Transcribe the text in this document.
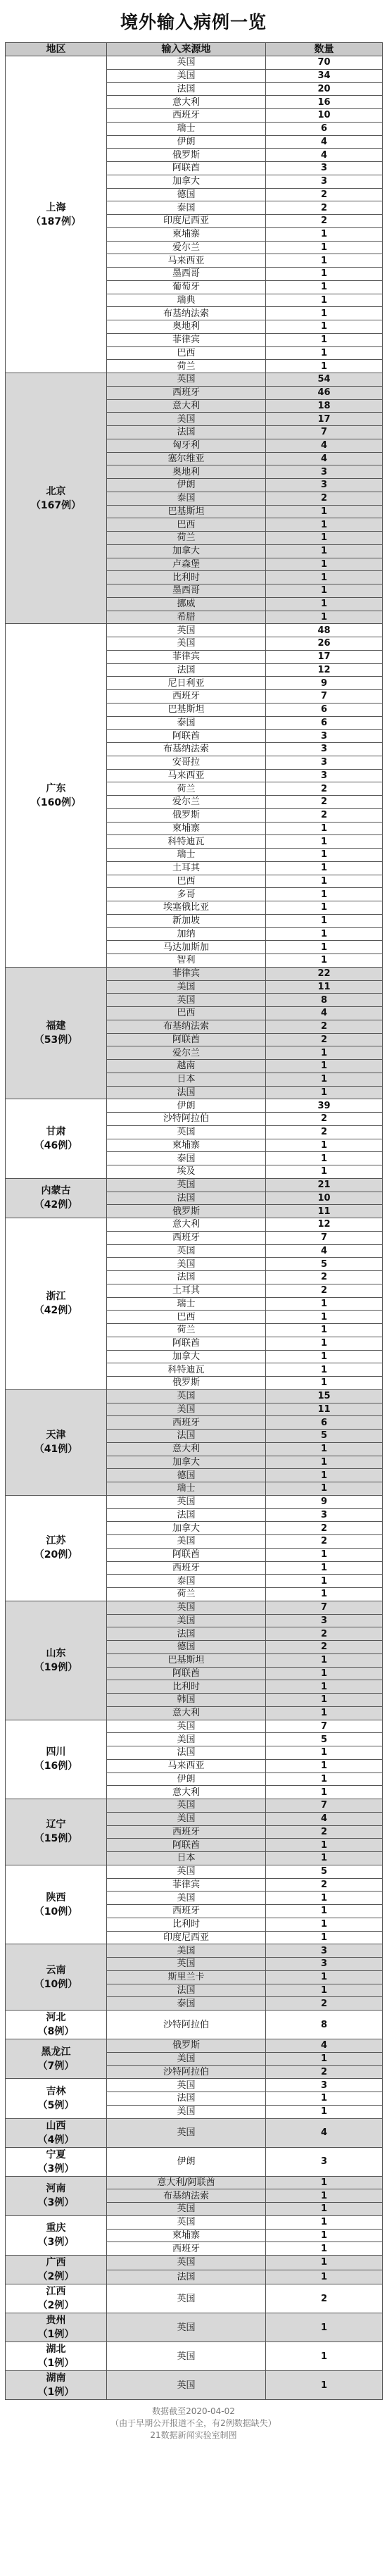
境外输入病例一览
地区	输入来源地	数量

上海
（187例）	英国	70
	美国	34
	法国	20
	意大利	16
	西班牙	10
	瑞士	6
	伊朗	4
	俄罗斯	4
	阿联酋	3
	加拿大	3
	德国	2
	泰国	2
	印度尼西亚	2
	柬埔寨	1
	爱尔兰	1
	马来西亚	1
	墨西哥	1
	葡萄牙	1
	瑞典	1
	布基纳法索	1
	奥地利	1
	菲律宾	1
	巴西	1
	荷兰	1

北京
（167例）	英国	54
	西班牙	46
	意大利	18
	美国	17
	法国	7
	匈牙利	4
	塞尔维亚	4
	奥地利	3
	伊朗	3
	泰国	2
	巴基斯坦	1
	巴西	1
	荷兰	1
	加拿大	1
	卢森堡	1
	比利时	1
	墨西哥	1
	挪威	1
	希腊	1

广东
（160例）	英国	48
	美国	26
	菲律宾	17
	法国	12
	尼日利亚	9
	西班牙	7
	巴基斯坦	6
	泰国	6
	阿联酋	3
	布基纳法索	3
	安哥拉	3
	马来西亚	3
	荷兰	2
	爱尔兰	2
	俄罗斯	2
	柬埔寨	1
	科特迪瓦	1
	瑞士	1
	土耳其	1
	巴西	1
	多哥	1
	埃塞俄比亚	1
	新加坡	1
	加纳	1
	马达加斯加	1
	智利	1

福建
（53例）	菲律宾	22
	美国	11
	英国	8
	巴西	4
	布基纳法索	2
	阿联酋	2
	爱尔兰	1
	越南	1
	日本	1
	法国	1

甘肃
（46例）	伊朗	39
	沙特阿拉伯	2
	英国	2
	柬埔寨	1
	泰国	1
	埃及	1

内蒙古
（42例）	英国	21
	法国	10
	俄罗斯	11

浙江
（42例）	意大利	12
	西班牙	7
	英国	4
	美国	5
	法国	2
	土耳其	2
	瑞士	1
	巴西	1
	荷兰	1
	阿联酋	1
	加拿大	1
	科特迪瓦	1
	俄罗斯	1

天津
（41例）	英国	15
	美国	11
	西班牙	6
	法国	5
	意大利	1
	加拿大	1
	德国	1
	瑞士	1

江苏
（20例）	英国	9
	法国	3
	加拿大	2
	美国	2
	阿联酋	1
	西班牙	1
	泰国	1
	荷兰	1

山东
（19例）	英国	7
	美国	3
	法国	2
	德国	2
	巴基斯坦	1
	阿联酋	1
	比利时	1
	韩国	1
	意大利	1

四川
（16例）	英国	7
	美国	5
	法国	1
	马来西亚	1
	伊朗	1
	意大利	1

辽宁
（15例）	英国	7
	美国	4
	西班牙	2
	阿联酋	1
	日本	1

陕西
（10例）	英国	5
	菲律宾	2
	美国	1
	西班牙	1
	比利时	1
	印度尼西亚	1

云南
（10例）	美国	3
	英国	3
	斯里兰卡	1
	法国	1
	泰国	2

河北
（8例）	沙特阿拉伯	8

黑龙江
（7例）	俄罗斯	4
	美国	1
	沙特阿拉伯	2

吉林
（5例）	英国	3
	法国	1
	美国	1

山西
（4例）	英国	4

宁夏
（3例）	伊朗	3

河南
（3例）	意大利/阿联酋	1
	布基纳法索	1
	英国	1

重庆
（3例）	英国	1
	柬埔寨	1
	西班牙	1

广西
（2例）	英国	1
	法国	1

江西
（2例）	英国	2

贵州
（1例）	英国	1

湖北
（1例）	英国	1

湖南
（1例）	英国	1
数据截至2020-04-02
（由于早期公开报道不全，有2例数据缺失）
21数据新闻实验室制图
